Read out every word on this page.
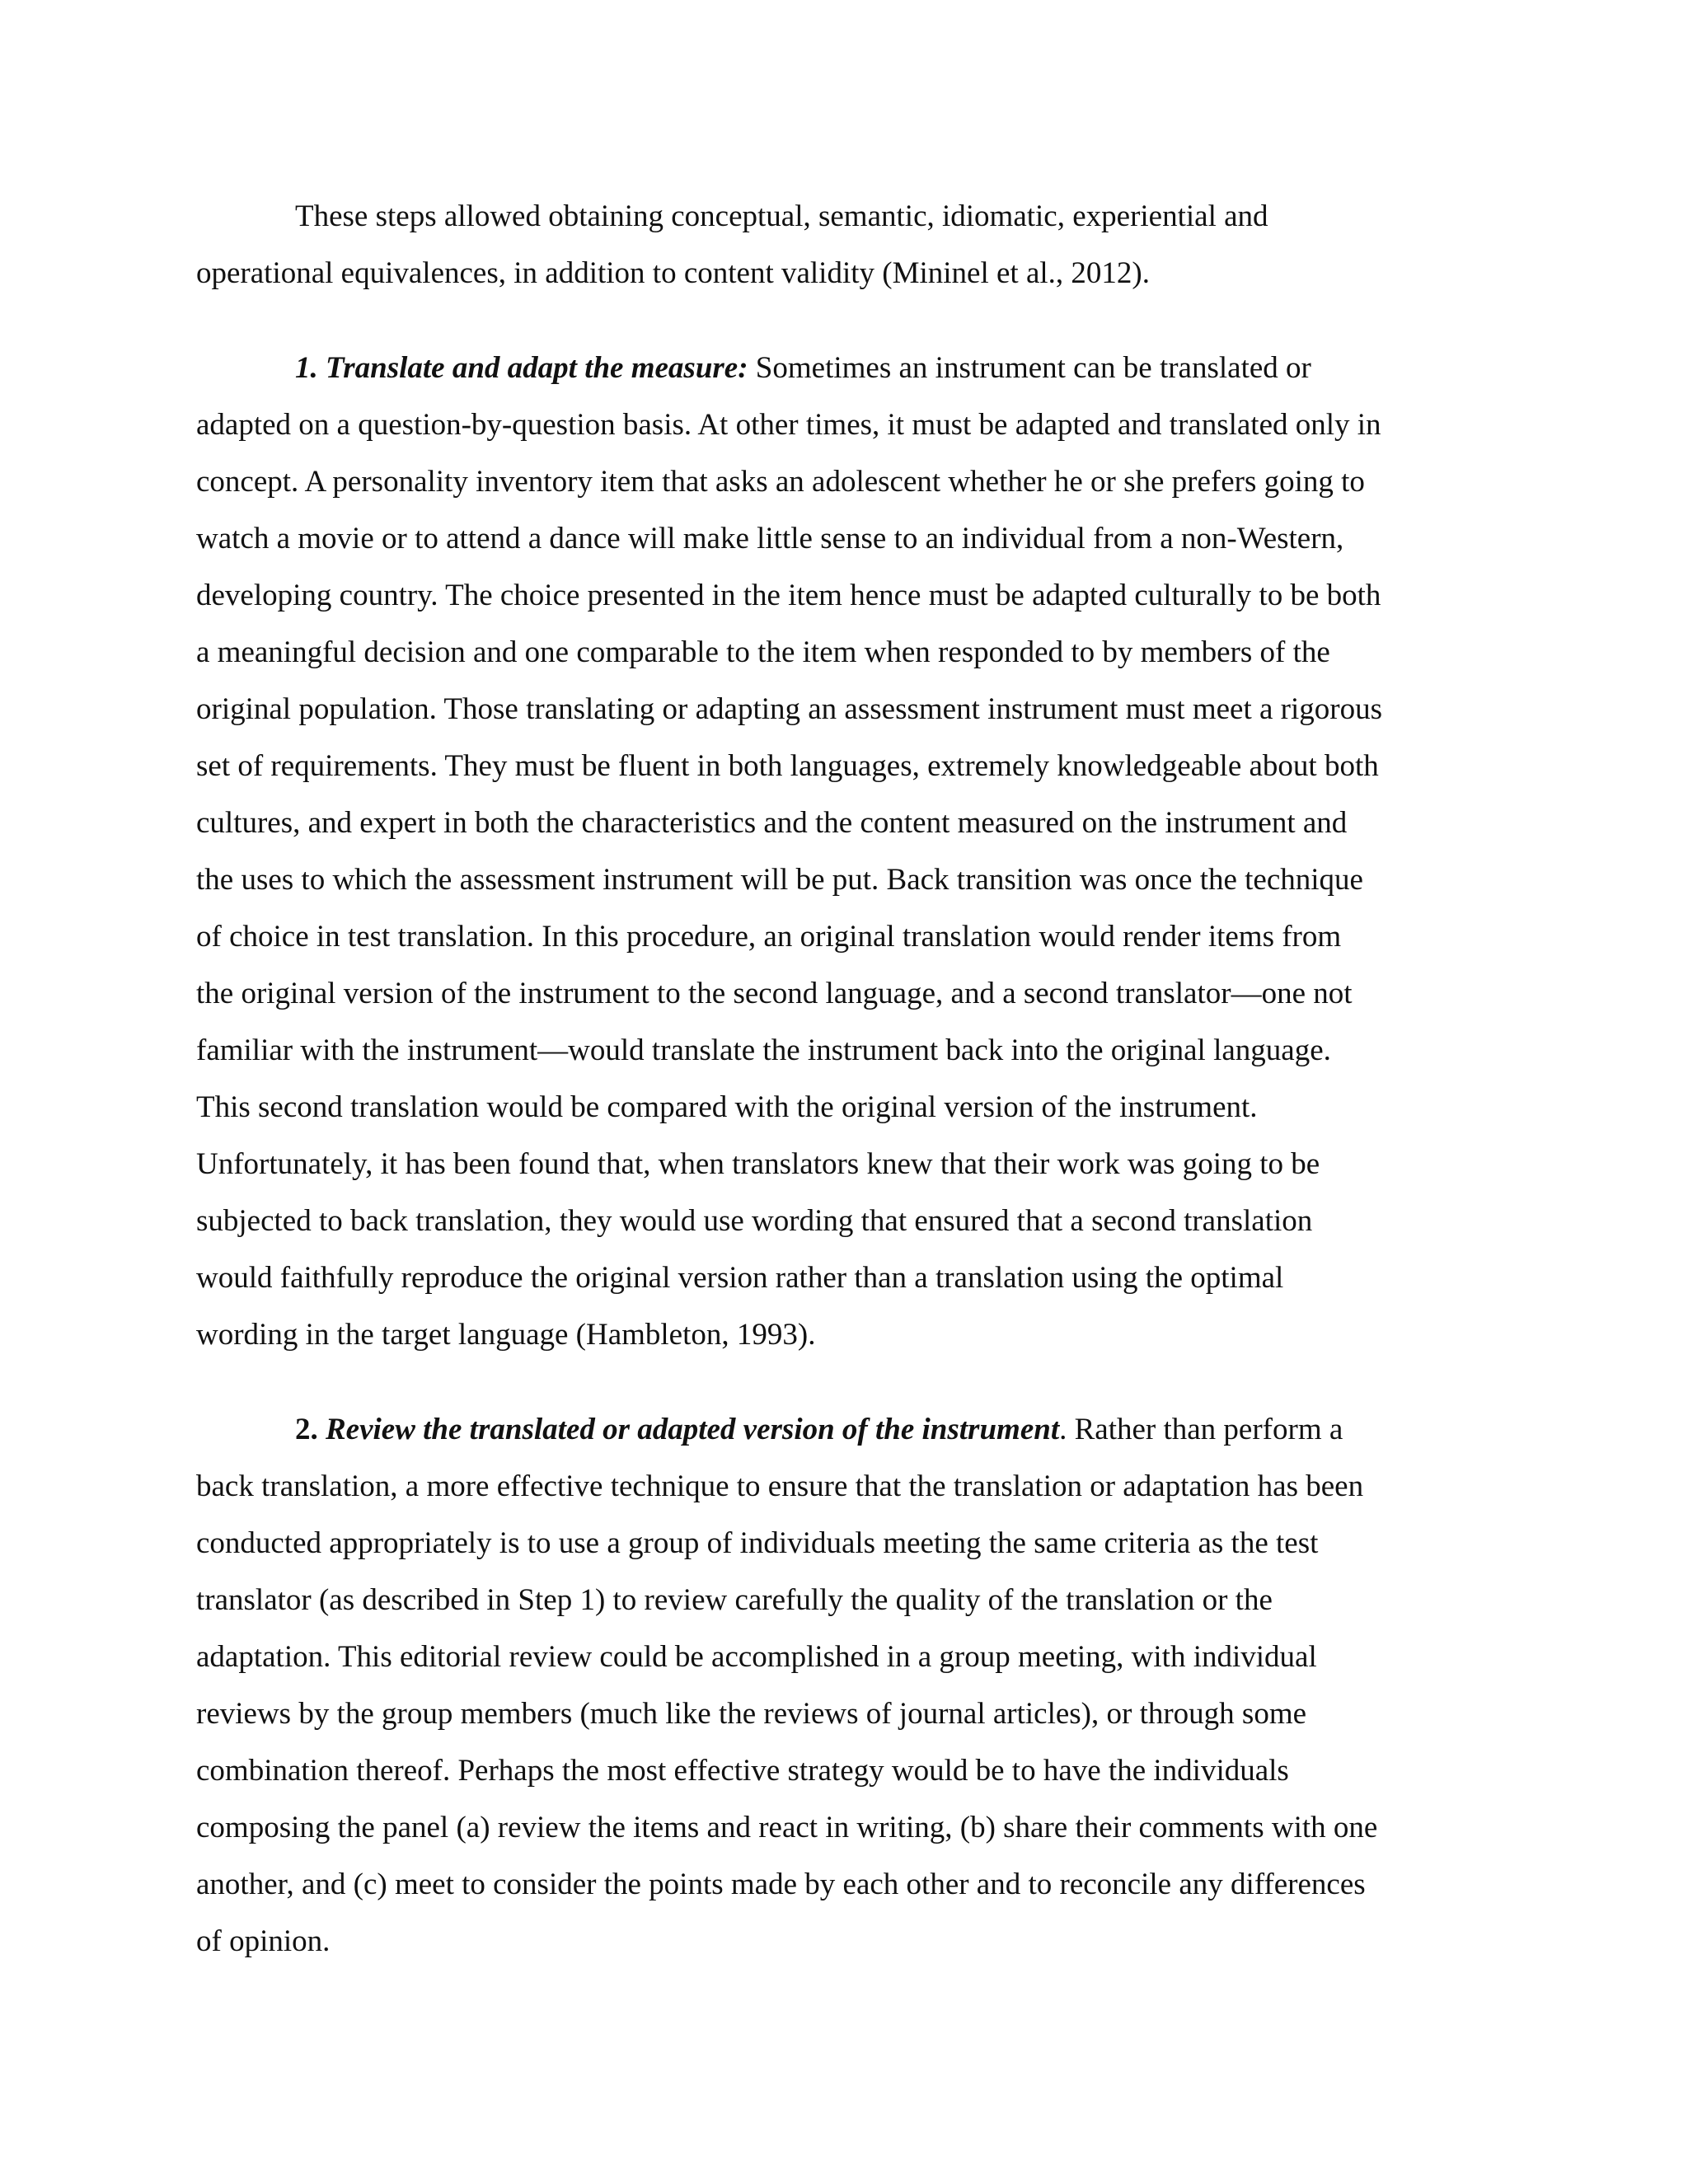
These steps allowed obtaining conceptual, semantic, idiomatic, experiential and
operational equivalences, in addition to content validity (Mininel et al., 2012).
1. Translate and adapt the measure: Sometimes an instrument can be translated or
adapted on a question-by-question basis. At other times, it must be adapted and translated only in
concept. A personality inventory item that asks an adolescent whether he or she prefers going to
watch a movie or to attend a dance will make little sense to an individual from a non-Western,
developing country. The choice presented in the item hence must be adapted culturally to be both
a meaningful decision and one comparable to the item when responded to by members of the
original population. Those translating or adapting an assessment instrument must meet a rigorous
set of requirements. They must be fluent in both languages, extremely knowledgeable about both
cultures, and expert in both the characteristics and the content measured on the instrument and
the uses to which the assessment instrument will be put. Back transition was once the technique
of choice in test translation. In this procedure, an original translation would render items from
the original version of the instrument to the second language, and a second translator—one not
familiar with the instrument—would translate the instrument back into the original language.
This second translation would be compared with the original version of the instrument.
Unfortunately, it has been found that, when translators knew that their work was going to be
subjected to back translation, they would use wording that ensured that a second translation
would faithfully reproduce the original version rather than a translation using the optimal
wording in the target language (Hambleton, 1993).
2. Review the translated or adapted version of the instrument. Rather than perform a
back translation, a more effective technique to ensure that the translation or adaptation has been
conducted appropriately is to use a group of individuals meeting the same criteria as the test
translator (as described in Step 1) to review carefully the quality of the translation or the
adaptation. This editorial review could be accomplished in a group meeting, with individual
reviews by the group members (much like the reviews of journal articles), or through some
combination thereof. Perhaps the most effective strategy would be to have the individuals
composing the panel (a) review the items and react in writing, (b) share their comments with one
another, and (c) meet to consider the points made by each other and to reconcile any differences
of opinion.
